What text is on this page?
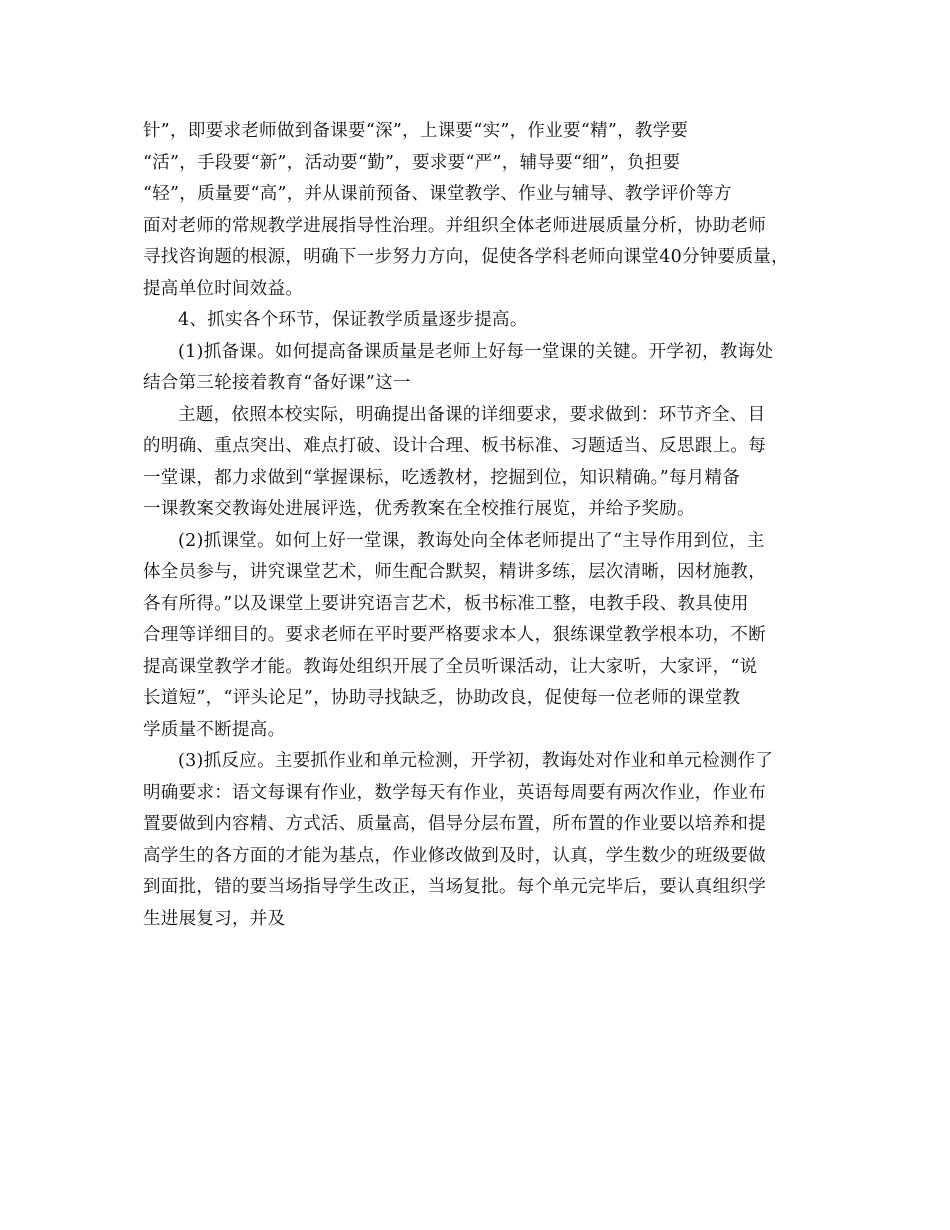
针”，即要求老师做到备课要“深”，上课要“实”，作业要“精”，教学要
“活”，手段要“新”，活动要“勤”，要求要“严”，辅导要“细”，负担要
“轻”，质量要“高”，并从课前预备、课堂教学、作业与辅导、教学评价等方
面对老师的常规教学进展指导性治理。并组织全体老师进展质量分析，协助老师
寻找咨询题的根源，明确下一步努力方向，促使各学科老师向课堂40分钟要质量，
提高单位时间效益。
4、抓实各个环节，保证教学质量逐步提高。
(1)抓备课。如何提高备课质量是老师上好每一堂课的关键。开学初，教诲处
结合第三轮接着教育“备好课”这一
主题，依照本校实际，明确提出备课的详细要求，要求做到：环节齐全、目
的明确、重点突出、难点打破、设计合理、板书标准、习题适当、反思跟上。每
一堂课，都力求做到“掌握课标，吃透教材，挖掘到位，知识精确。”每月精备
一课教案交教诲处进展评选，优秀教案在全校推行展览，并给予奖励。
(2)抓课堂。如何上好一堂课，教诲处向全体老师提出了“主导作用到位，主
体全员参与，讲究课堂艺术，师生配合默契，精讲多练，层次清晰，因材施教，
各有所得。”以及课堂上要讲究语言艺术，板书标准工整，电教手段、教具使用
合理等详细目的。要求老师在平时要严格要求本人，狠练课堂教学根本功，不断
提高课堂教学才能。教诲处组织开展了全员听课活动，让大家听，大家评，“说
长道短”，“评头论足”，协助寻找缺乏，协助改良，促使每一位老师的课堂教
学质量不断提高。
(3)抓反应。主要抓作业和单元检测，开学初，教诲处对作业和单元检测作了
明确要求：语文每课有作业，数学每天有作业，英语每周要有两次作业，作业布
置要做到内容精、方式活、质量高，倡导分层布置，所布置的作业要以培养和提
高学生的各方面的才能为基点，作业修改做到及时，认真，学生数少的班级要做
到面批，错的要当场指导学生改正，当场复批。每个单元完毕后，要认真组织学
生进展复习，并及
